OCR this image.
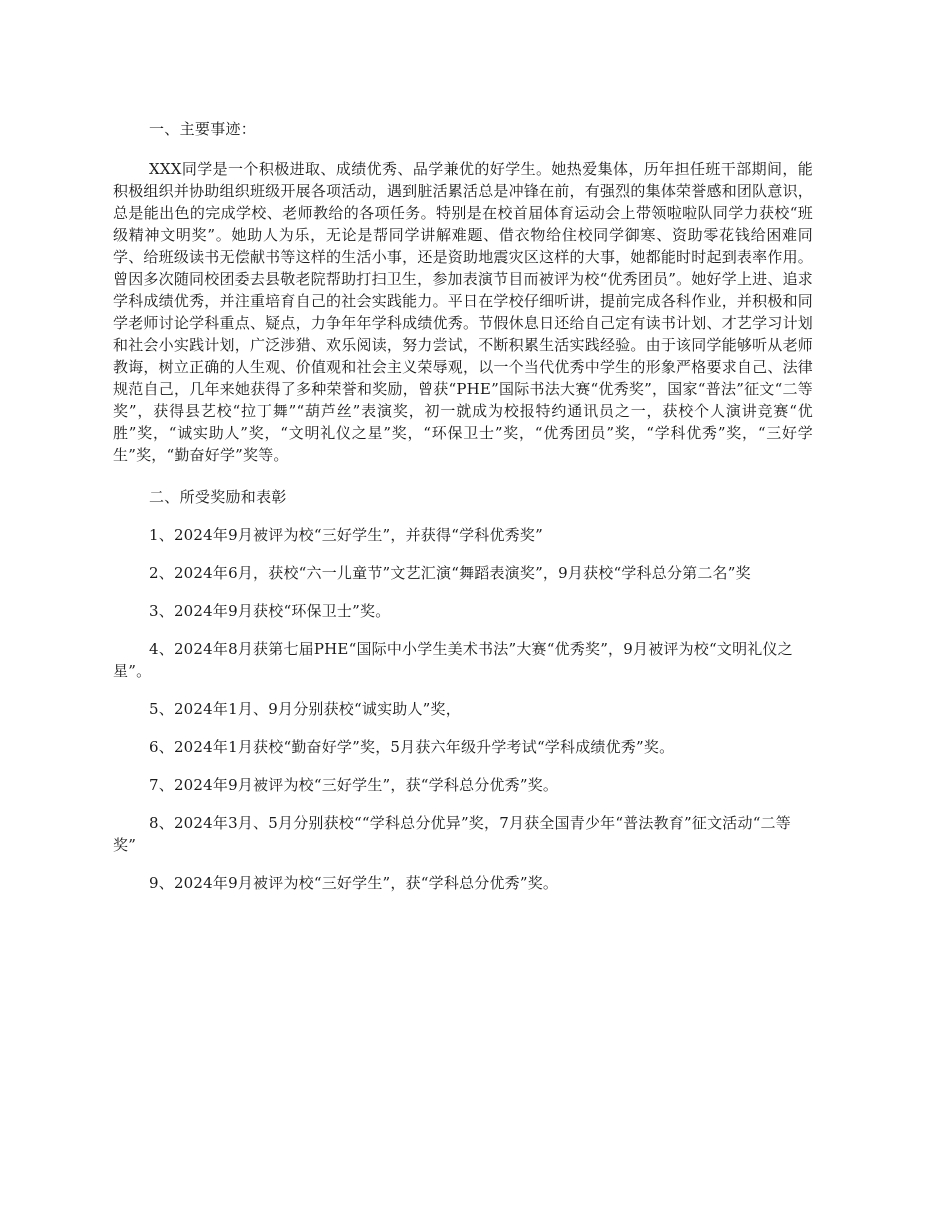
一、主要事迹：

XXX同学是一个积极进取、成绩优秀、品学兼优的好学生。她热爱集体，历年担任班干部期间，能积极组织并协助组织班级开展各项活动，遇到脏活累活总是冲锋在前，有强烈的集体荣誉感和团队意识，总是能出色的完成学校、老师教给的各项任务。特别是在校首届体育运动会上带领啦啦队同学力获校“班级精神文明奖”。她助人为乐，无论是帮同学讲解难题、借衣物给住校同学御寒、资助零花钱给困难同学、给班级读书无偿献书等这样的生活小事，还是资助地震灾区这样的大事，她都能时时起到表率作用。曾因多次随同校团委去县敬老院帮助打扫卫生，参加表演节目而被评为校“优秀团员”。她好学上进、追求学科成绩优秀，并注重培育自己的社会实践能力。平日在学校仔细听讲，提前完成各科作业，并积极和同学老师讨论学科重点、疑点，力争年年学科成绩优秀。节假休息日还给自己定有读书计划、才艺学习计划和社会小实践计划，广泛涉猎、欢乐阅读，努力尝试，不断积累生活实践经验。由于该同学能够听从老师教诲，树立正确的人生观、价值观和社会主义荣辱观，以一个当代优秀中学生的形象严格要求自己、法律规范自己，几年来她获得了多种荣誉和奖励，曾获“PHE”国际书法大赛“优秀奖”，国家“普法”征文“二等奖”，获得县艺校“拉丁舞”“葫芦丝”表演奖，初一就成为校报特约通讯员之一，获校个人演讲竞赛“优胜”奖，“诚实助人”奖，“文明礼仪之星”奖，“环保卫士”奖，“优秀团员”奖，“学科优秀”奖，“三好学生”奖，“勤奋好学”奖等。

二、所受奖励和表彰

1、2024年9月被评为校“三好学生”，并获得“学科优秀奖”
2、2024年6月，获校“六一儿童节”文艺汇演“舞蹈表演奖”，9月获校“学科总分第二名”奖
3、2024年9月获校“环保卫士”奖。
4、2024年8月获第七届PHE“国际中小学生美术书法”大赛“优秀奖”，9月被评为校“文明礼仪之星”。
5、2024年1月、9月分别获校“诚实助人”奖，
6、2024年1月获校“勤奋好学”奖，5月获六年级升学考试“学科成绩优秀”奖。
7、2024年9月被评为校“三好学生”，获“学科总分优秀”奖。
8、2024年3月、5月分别获校““学科总分优异”奖，7月获全国青少年“普法教育”征文活动“二等奖”
9、2024年9月被评为校“三好学生”，获“学科总分优秀”奖。
